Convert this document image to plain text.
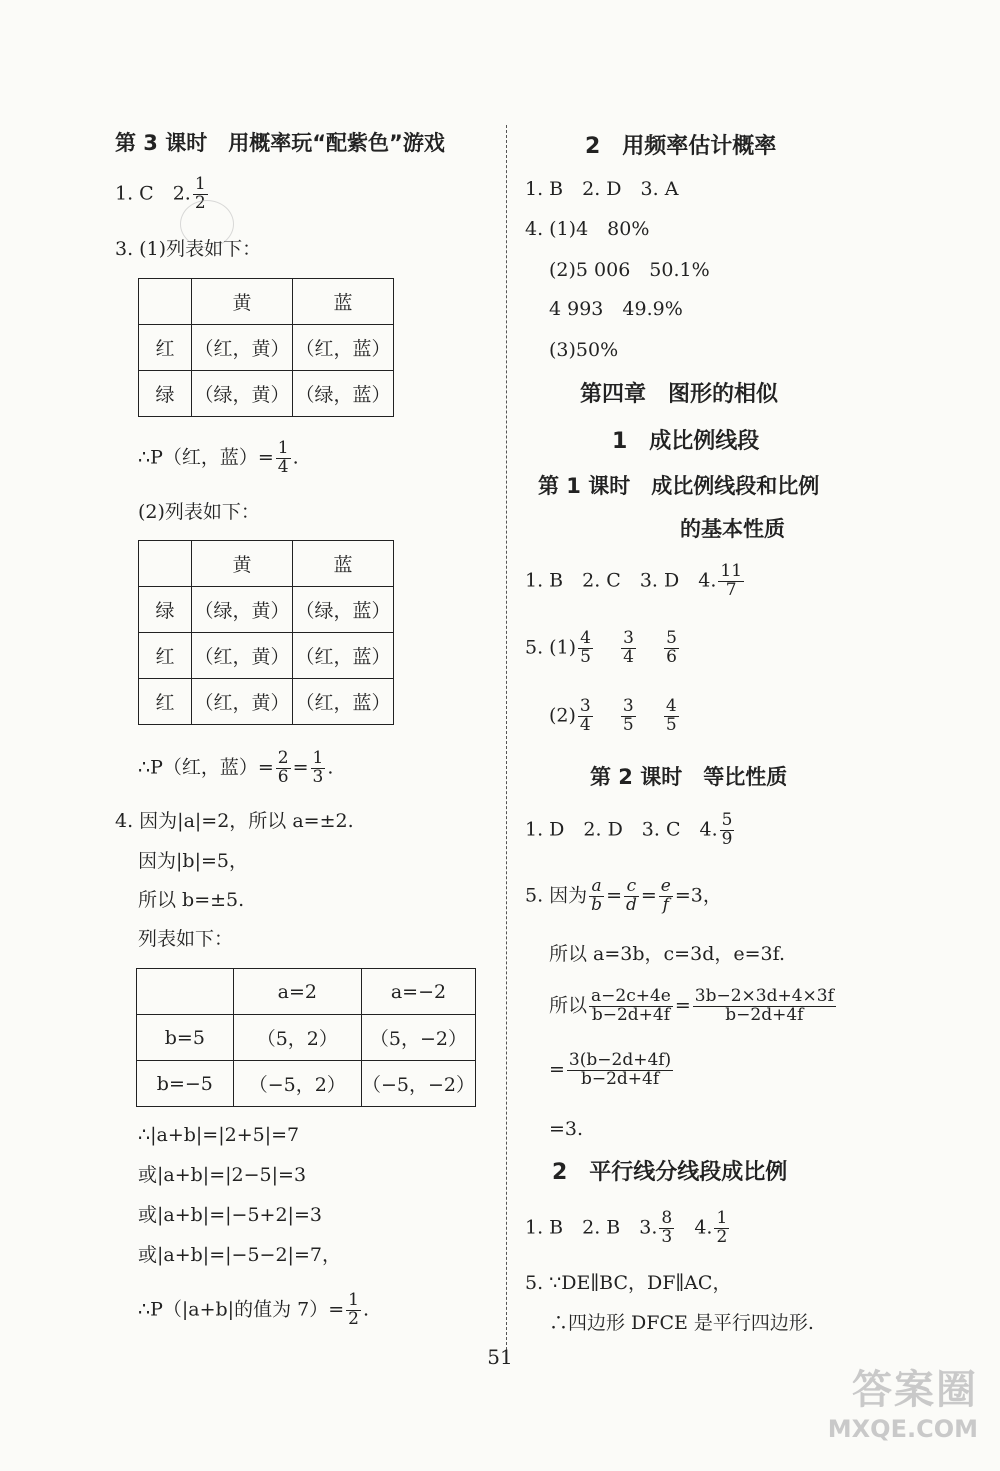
第 3 课时　用概率玩“配紫色”游戏
1. C　2. $\frac{1}{2}$
3. (1)列表如下：
	黄	蓝
红	（红，黄）	（红，蓝）
绿	（绿，黄）	（绿，蓝）
∴P（红，蓝）= $\frac{1}{4}$ .
(2)列表如下：
	黄	蓝
绿	（绿，黄）	（绿，蓝）
红	（红，黄）	（红，蓝）
红	（红，黄）	（红，蓝）
∴P（红，蓝）= $\frac{2}{6} = \frac{1}{3}$ .
4. 因为|a|=2，所以 a=±2.
因为|b|=5，
所以 b=±5.
列表如下：
	a=2	a=−2
b=5	（5，2）	（5，−2）
b=−5	（−5，2）	（−5，−2）
∴|a+b|=|2+5|=7
或|a+b|=|2−5|=3
或|a+b|=|−5+2|=3
或|a+b|=|−5−2|=7，
∴P（|a+b|的值为 $7)= \frac{1}{2}$ .
2　用频率估计概率
1. B　2. D　3. A
4. (1)4　80%
(2)5 006　50.1%
4 993　49.9%
(3)50%
第四章　图形的相似
1　成比例线段
第 1 课时　成比例线段和比例
的基本性质
1. B　2. C　3. D　4. $\frac{11}{7}$
5. $(1) \frac{4}{5}$
$\frac{3}{4}$
$\frac{5}{6}$
$(2) \frac{3}{4}$
$\frac{3}{5}$
$\frac{4}{5}$
第 2 课时　等比性质
1. D　2. D　3. C　4. $\frac{5}{9}$
5. 因为 $\frac{a}{b} = \frac{c}{d} = \frac{e}{f} =3$，
所以 a=3b，c=3d，e=3f.
所以 $\frac{a-2c+4e}{b-2d+4f} = \frac{3b-2\times 3d+4\times 3f}{b-2d+4f}$
= $\frac{3(b-2d+4f)}{b-2d+4f}$
=3.
2　平行线分线段成比例
1. B　2. B　3. $\frac{8}{3} 4$. $\frac{1}{2}$
5. ∵DE∥BC，DF∥AC，
∴四边形 DFCE 是平行四边形.
51
答案圈
MXQE.COM
